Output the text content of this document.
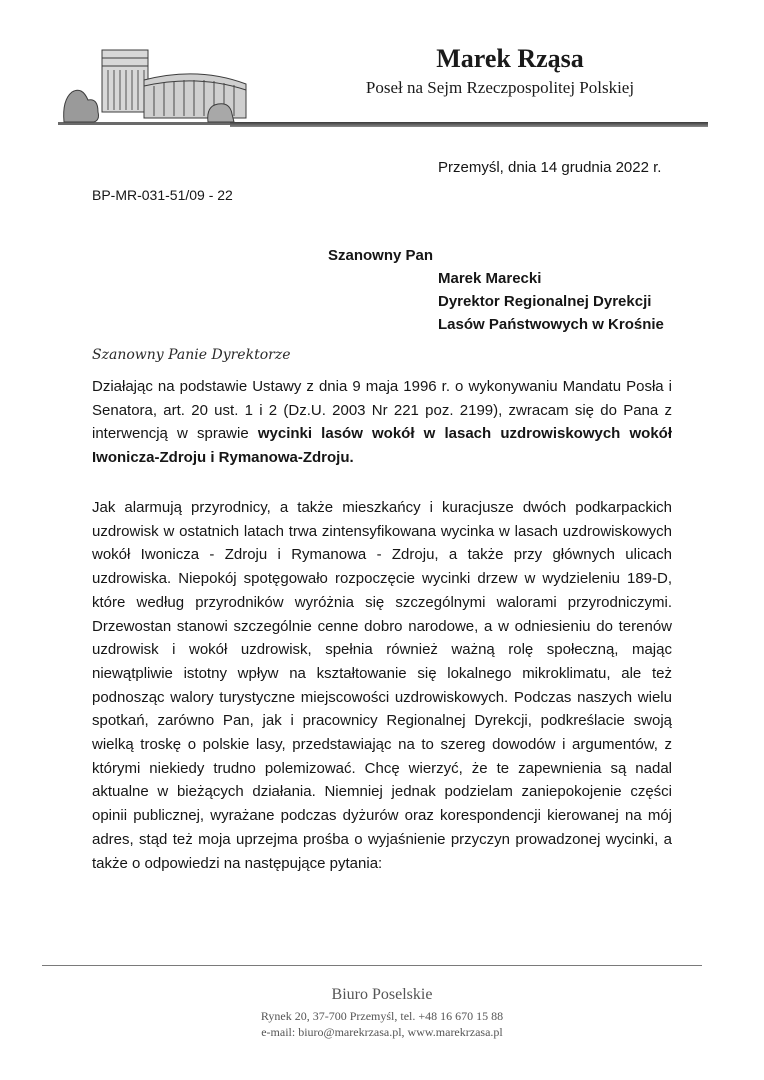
Marek Rząsa
Poseł na Sejm Rzeczpospolitej Polskiej
Przemyśl, dnia 14 grudnia 2022 r.
BP-MR-031-51/09 - 22
Szanowny Pan
Marek Marecki
Dyrektor Regionalnej Dyrekcji
Lasów Państwowych w Krośnie
Szanowny Panie Dyrektorze
Działając na podstawie Ustawy z dnia 9 maja 1996 r. o wykonywaniu Mandatu Posła i Senatora, art. 20 ust. 1 i 2 (Dz.U. 2003 Nr 221 poz. 2199), zwracam się do Pana z interwencją w sprawie wycinki lasów wokół w lasach uzdrowiskowych wokół Iwonicza-Zdroju i Rymanowa-Zdroju.
Jak alarmują przyrodnicy, a także mieszkańcy i kuracjusze dwóch podkarpackich uzdrowisk w ostatnich latach trwa zintensyfikowana wycinka w lasach uzdrowiskowych wokół Iwonicza - Zdroju i Rymanowa - Zdroju, a także przy głównych ulicach uzdrowiska. Niepokój spotęgowało rozpoczęcie wycinki drzew w wydzieleniu 189-D, które według przyrodników wyróżnia się szczególnymi walorami przyrodniczymi. Drzewostan stanowi szczególnie cenne dobro narodowe, a w odniesieniu do terenów uzdrowisk i wokół uzdrowisk, spełnia również ważną rolę społeczną, mając niewątpliwie istotny wpływ na kształtowanie się lokalnego mikroklimatu, ale też podnosząc walory turystyczne miejscowości uzdrowiskowych. Podczas naszych wielu spotkań, zarówno Pan, jak i pracownicy Regionalnej Dyrekcji, podkreślacie swoją wielką troskę o polskie lasy, przedstawiając na to szereg dowodów i argumentów, z którymi niekiedy trudno polemizować. Chcę wierzyć, że te zapewnienia są nadal aktualne w bieżących działania. Niemniej jednak podzielam zaniepokojenie części opinii publicznej, wyrażane podczas dyżurów oraz korespondencji kierowanej na mój adres, stąd też moja uprzejma prośba o wyjaśnienie przyczyn prowadzonej wycinki, a także o odpowiedzi na następujące pytania:
Biuro Poselskie
Rynek 20, 37-700 Przemyśl, tel. +48 16 670 15 88
e-mail: biuro@marekrzasa.pl, www.marekrzasa.pl
